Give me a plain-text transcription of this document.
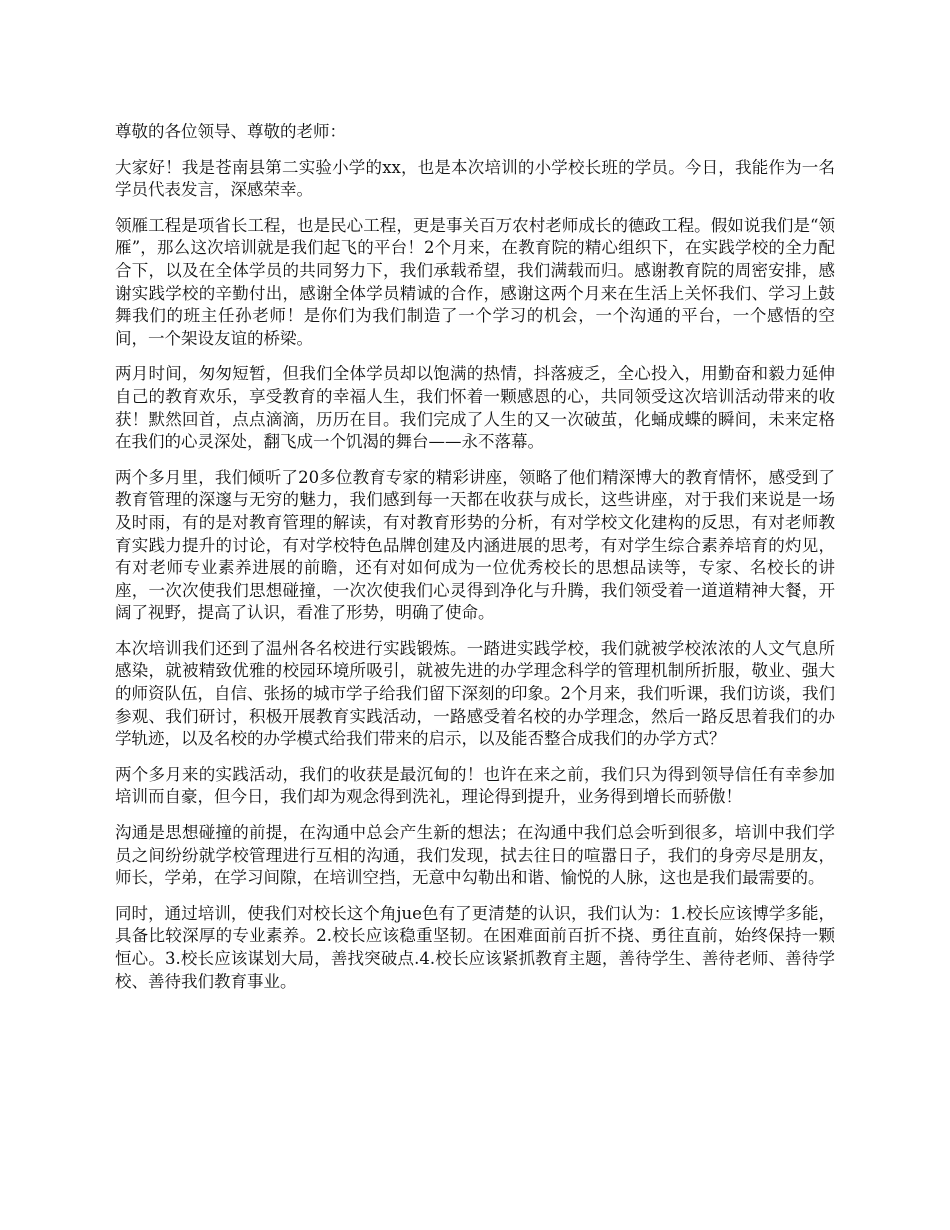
尊敬的各位领导、尊敬的老师：

大家好！我是苍南县第二实验小学的xx，也是本次培训的小学校长班的学员。今日，我能作为一名学员代表发言，深感荣幸。

领雁工程是项省长工程，也是民心工程，更是事关百万农村老师成长的德政工程。假如说我们是“领雁”，那么这次培训就是我们起飞的平台！2个月来，在教育院的精心组织下，在实践学校的全力配合下，以及在全体学员的共同努力下，我们承载希望，我们满载而归。感谢教育院的周密安排，感谢实践学校的辛勤付出，感谢全体学员精诚的合作，感谢这两个月来在生活上关怀我们、学习上鼓舞我们的班主任孙老师！是你们为我们制造了一个学习的机会，一个沟通的平台，一个感悟的空间，一个架设友谊的桥梁。

两月时间，匆匆短暂，但我们全体学员却以饱满的热情，抖落疲乏，全心投入，用勤奋和毅力延伸自己的教育欢乐，享受教育的幸福人生，我们怀着一颗感恩的心，共同领受这次培训活动带来的收获！默然回首，点点滴滴，历历在目。我们完成了人生的又一次破茧，化蛹成蝶的瞬间，未来定格在我们的心灵深处，翻飞成一个饥渴的舞台——永不落幕。

两个多月里，我们倾听了20多位教育专家的精彩讲座，领略了他们精深博大的教育情怀，感受到了教育管理的深邃与无穷的魅力，我们感到每一天都在收获与成长，这些讲座，对于我们来说是一场及时雨，有的是对教育管理的解读，有对教育形势的分析，有对学校文化建构的反思，有对老师教育实践力提升的讨论，有对学校特色品牌创建及内涵进展的思考，有对学生综合素养培育的灼见，有对老师专业素养进展的前瞻，还有对如何成为一位优秀校长的思想品读等，专家、名校长的讲座，一次次使我们思想碰撞，一次次使我们心灵得到净化与升腾，我们领受着一道道精神大餐，开阔了视野，提高了认识，看准了形势，明确了使命。

本次培训我们还到了温州各名校进行实践锻炼。一踏进实践学校，我们就被学校浓浓的人文气息所感染，就被精致优雅的校园环境所吸引，就被先进的办学理念科学的管理机制所折服，敬业、强大的师资队伍，自信、张扬的城市学子给我们留下深刻的印象。2个月来，我们听课，我们访谈，我们参观、我们研讨，积极开展教育实践活动，一路感受着名校的办学理念，然后一路反思着我们的办学轨迹，以及名校的办学模式给我们带来的启示，以及能否整合成我们的办学方式？

两个多月来的实践活动，我们的收获是最沉甸的！也许在来之前，我们只为得到领导信任有幸参加培训而自豪，但今日，我们却为观念得到洗礼，理论得到提升，业务得到增长而骄傲！

沟通是思想碰撞的前提，在沟通中总会产生新的想法；在沟通中我们总会听到很多，培训中我们学员之间纷纷就学校管理进行互相的沟通，我们发现，拭去往日的喧嚣日子，我们的身旁尽是朋友，师长，学弟，在学习间隙，在培训空挡，无意中勾勒出和谐、愉悦的人脉，这也是我们最需要的。

同时，通过培训，使我们对校长这个角jue色有了更清楚的认识，我们认为：1.校长应该博学多能，具备比较深厚的专业素养。2.校长应该稳重坚韧。在困难面前百折不挠、勇往直前，始终保持一颗恒心。3.校长应该谋划大局，善找突破点.4.校长应该紧抓教育主题，善待学生、善待老师、善待学校、善待我们教育事业。
